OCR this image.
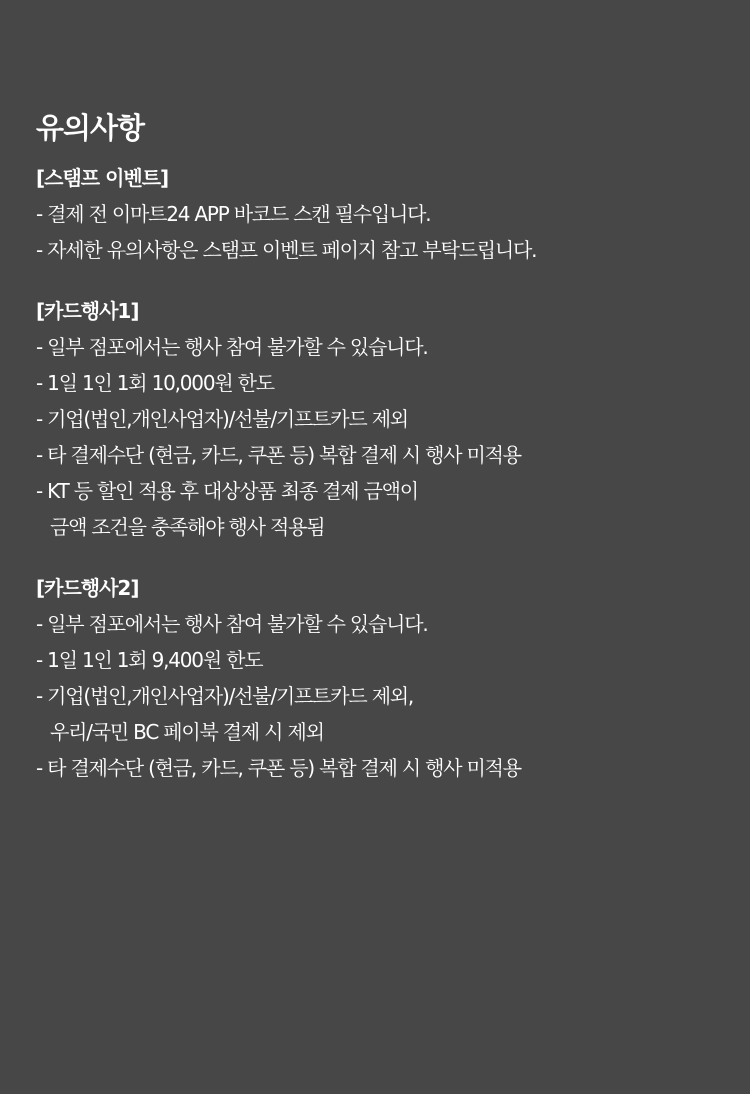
유의사항

[스탬프 이벤트]

- 결제 전 이마트24 APP 바코드 스캔 필수입니다.

- 자세한 유의사항은 스탬프 이벤트 페이지 참고 부탁드립니다.

[카드행사1]

- 일부 점포에서는 행사 참여 불가할 수 있습니다.

- 1일 1인 1회 10,000원 한도

- 기업(법인,개인사업자)/선불/기프트카드 제외

- 타 결제수단 (현금, 카드, 쿠폰 등) 복합 결제 시 행사 미적용

- KT 등 할인 적용 후 대상상품 최종 결제 금액이

금액 조건을 충족해야 행사 적용됨

[카드행사2]

- 일부 점포에서는 행사 참여 불가할 수 있습니다.

- 1일 1인 1회 9,400원 한도

- 기업(법인,개인사업자)/선불/기프트카드 제외,

우리/국민 BC 페이북 결제 시 제외

- 타 결제수단 (현금, 카드, 쿠폰 등) 복합 결제 시 행사 미적용
